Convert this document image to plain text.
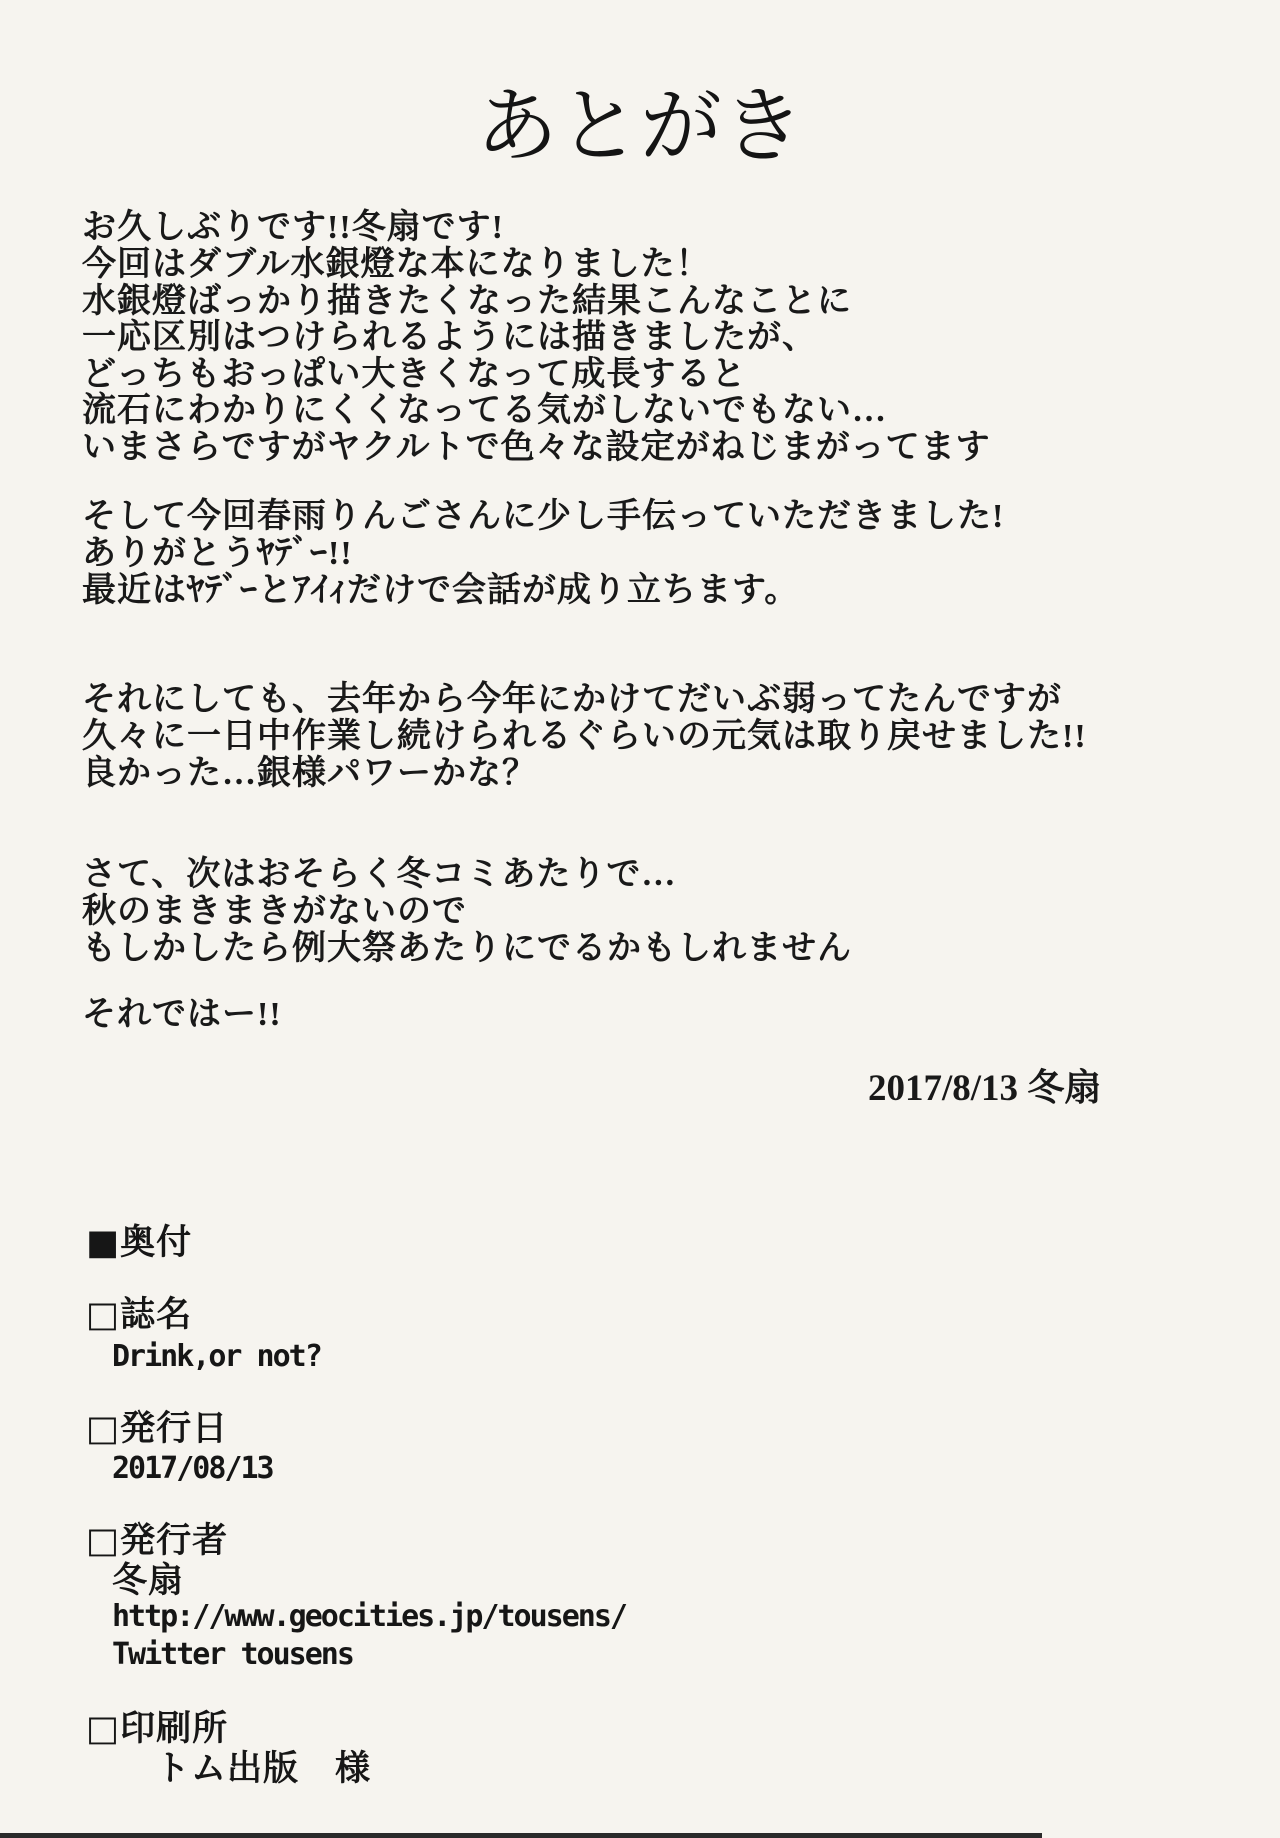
あとがき
お久しぶりです!!冬扇です!
今回はダブル水銀燈な本になりました！
水銀燈ばっかり描きたくなった結果こんなことに
一応区別はつけられるようには描きましたが、
どっちもおっぱい大きくなって成長すると
流石にわかりにくくなってる気がしないでもない…
いまさらですがヤクルトで色々な設定がねじまがってます
そして今回春雨りんごさんに少し手伝っていただきました!
ありがとうﾔﾃﾞｰ!!
最近はﾔﾃﾞｰとｱｲｨだけで会話が成り立ちます。
それにしても、去年から今年にかけてだいぶ弱ってたんですが
久々に一日中作業し続けられるぐらいの元気は取り戻せました!!
良かった…銀様パワーかな？
さて、次はおそらく冬コミあたりで…
秋のまきまきがないので
もしかしたら例大祭あたりにでるかもしれません
それではー!!
2017/8/13 冬扇
■奥付
□誌名
Drink,or not?
□発行日
2017/08/13
□発行者
冬扇
http://www.geocities.jp/tousens/
Twitter tousens
□印刷所
トム出版　様
